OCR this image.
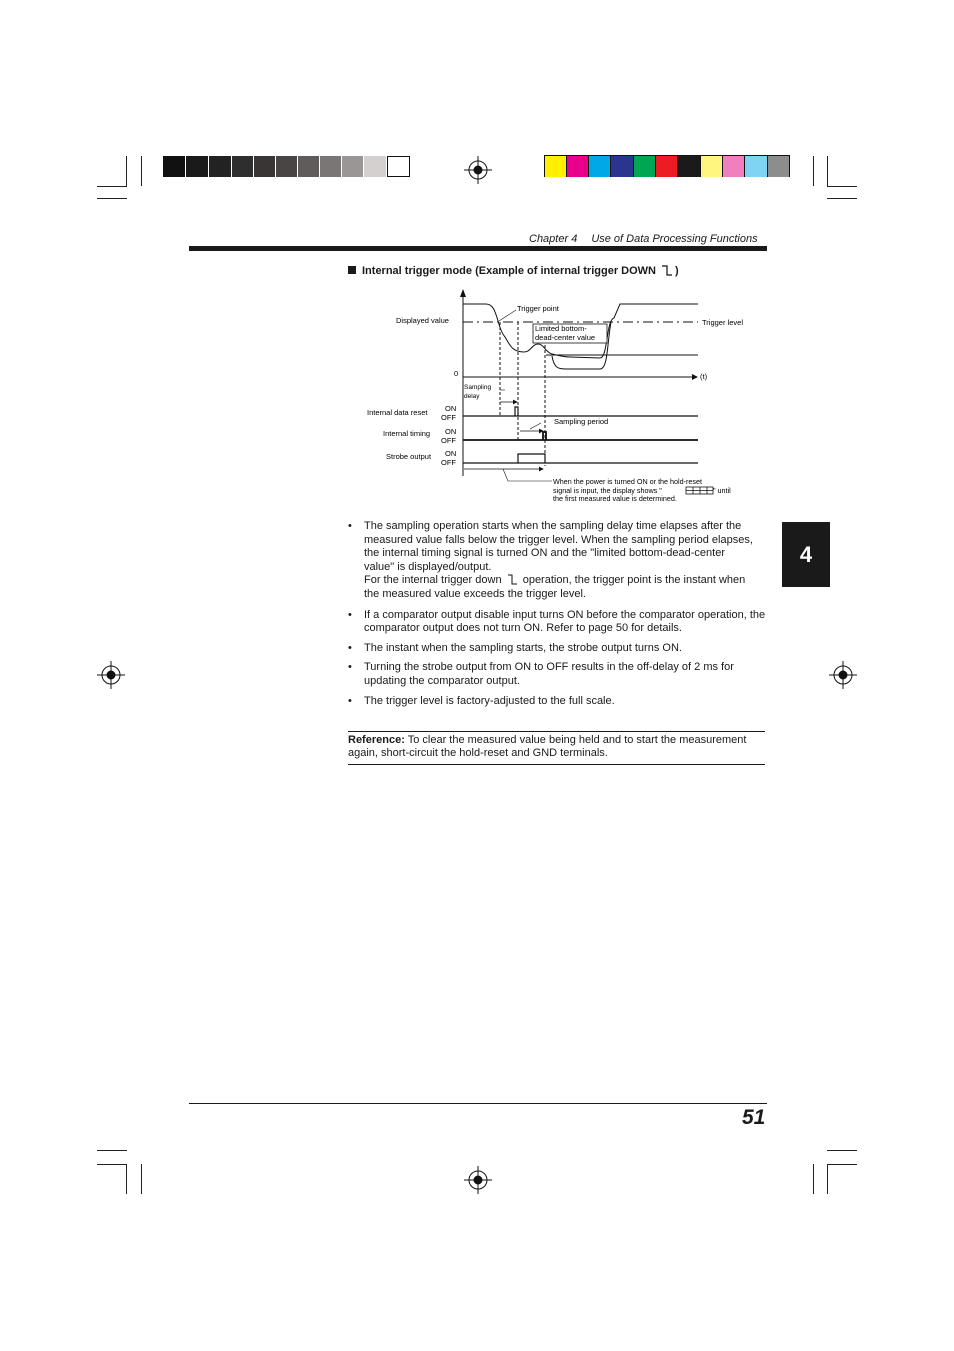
Chapter 4 Use of Data Processing Functions
Internal trigger mode (Example of internal trigger DOWN )
Trigger point
Displayed value
Limited bottom-
dead-center value
Trigger level
0	(t)
Sampling
delay
Internal data reset ON
OFF
Internal timing ON
OFF
Sampling period
Strobe output ON
OFF
When the power is turned ON or the hold-reset
signal is input, the display shows "	" until
the first measured value is determined.
• The sampling operation starts when the sampling delay time elapses after the
measured value falls below the trigger level. When the sampling period elapses,
the internal timing signal is turned ON and the "limited bottom-dead-center
value" is displayed/output.
For the internal trigger down operation, the trigger point is the instant when
the measured value exceeds the trigger level.
• If a comparator output disable input turns ON before the comparator operation, the comparator output does not turn ON. Refer to page 50 for details.
• The instant when the sampling starts, the strobe output turns ON.
• Turning the strobe output from ON to OFF results in the off-delay of 2 ms for updating the comparator output.
• The trigger level is factory-adjusted to the full scale.
Reference: To clear the measured value being held and to start the measurement again, short-circuit the hold-reset and GND terminals.
4
51
